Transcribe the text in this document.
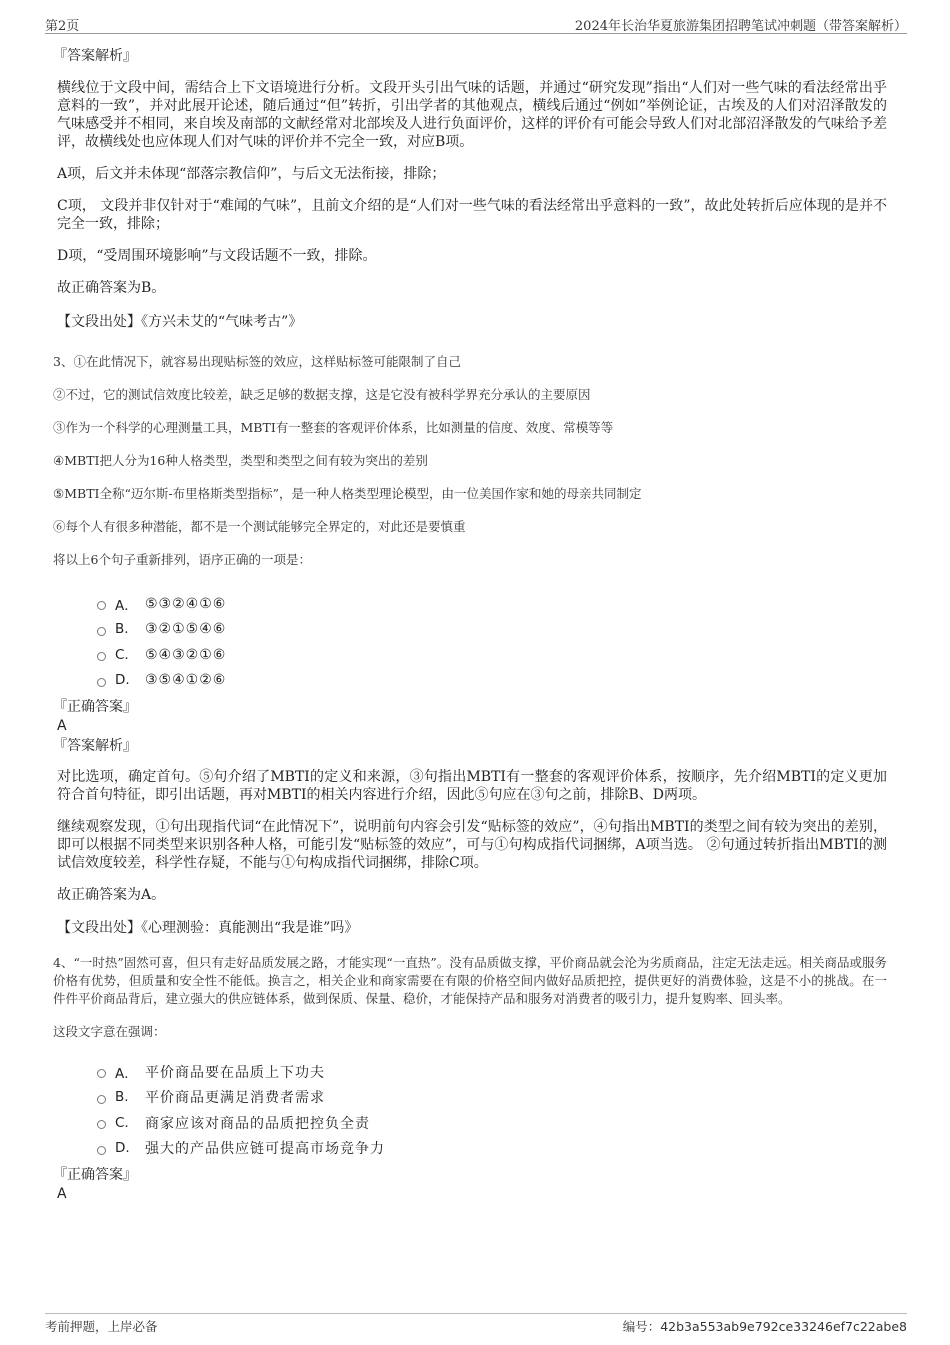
第2页	2024年长治华夏旅游集团招聘笔试冲刺题（带答案解析）
『答案解析』

横线位于文段中间，需结合上下文语境进行分析。文段开头引出气味的话题，并通过“研究发现”指出“人们对一些气味的看法经常出乎意料的一致”，并对此展开论述，随后通过“但”转折，引出学者的其他观点，横线后通过“例如”举例论证，古埃及的人们对沼泽散发的气味感受并不相同，来自埃及南部的文献经常对北部埃及人进行负面评价，这样的评价有可能会导致人们对北部沼泽散发的气味给予差评，故横线处也应体现人们对气味的评价并不完全一致，对应B项。

A项，后文并未体现“部落宗教信仰”，与后文无法衔接，排除；

C项， 文段并非仅针对于“难闻的气味”，且前文介绍的是“人们对一些气味的看法经常出乎意料的一致”，故此处转折后应体现的是并不完全一致，排除；

D项，“受周围环境影响”与文段话题不一致，排除。

故正确答案为B。

【文段出处】《方兴未艾的“气味考古”》

3、①在此情况下，就容易出现贴标签的效应，这样贴标签可能限制了自己

②不过，它的测试信效度比较差，缺乏足够的数据支撑，这是它没有被科学界充分承认的主要原因

③作为一个科学的心理测量工具，MBTI有一整套的客观评价体系，比如测量的信度、效度、常模等等

④MBTI把人分为16种人格类型，类型和类型之间有较为突出的差别

⑤MBTI全称“迈尔斯-布里格斯类型指标”，是一种人格类型理论模型，由一位美国作家和她的母亲共同制定

⑥每个人有很多种潜能，都不是一个测试能够完全界定的，对此还是要慎重

将以上6个句子重新排列，语序正确的一项是：

A． ⑤③②④①⑥
B.	③②①⑤④⑥
C.	⑤④③②①⑥
D.	③⑤④①②⑥
『正确答案』
A
『答案解析』

对比选项，确定首句。⑤句介绍了MBTI的定义和来源，③句指出MBTI有一整套的客观评价体系，按顺序，先介绍MBTI的定义更加符合首句特征，即引出话题，再对MBTI的相关内容进行介绍，因此⑤句应在③句之前，排除B、D两项。

继续观察发现，①句出现指代词“在此情况下”，说明前句内容会引发“贴标签的效应”，④句指出MBTI的类型之间有较为突出的差别，即可以根据不同类型来识别各种人格，可能引发“贴标签的效应”，可与①句构成指代词捆绑，A项当选。 ②句通过转折指出MBTI的测试信效度较差，科学性存疑，不能与①句构成指代词捆绑，排除C项。

故正确答案为A。

【文段出处】《心理测验：真能测出“我是谁”吗》

4、“一时热”固然可喜，但只有走好品质发展之路，才能实现“一直热”。没有品质做支撑，平价商品就会沦为劣质商品，注定无法走远。相关商品或服务价格有优势，但质量和安全性不能低。换言之，相关企业和商家需要在有限的价格空间内做好品质把控，提供更好的消费体验，这是不小的挑战。在一件件平价商品背后，建立强大的供应链体系，做到保质、保量、稳价，才能保持产品和服务对消费者的吸引力，提升复购率、回头率。

这段文字意在强调：

A． 平价商品要在品质上下功夫
B.	平价商品更满足消费者需求
C.	商家应该对商品的品质把控负全责
D.	强大的产品供应链可提高市场竞争力
『正确答案』
A
考前押题，上岸必备	编号：42b3a553ab9e792ce33246ef7c22abe8
